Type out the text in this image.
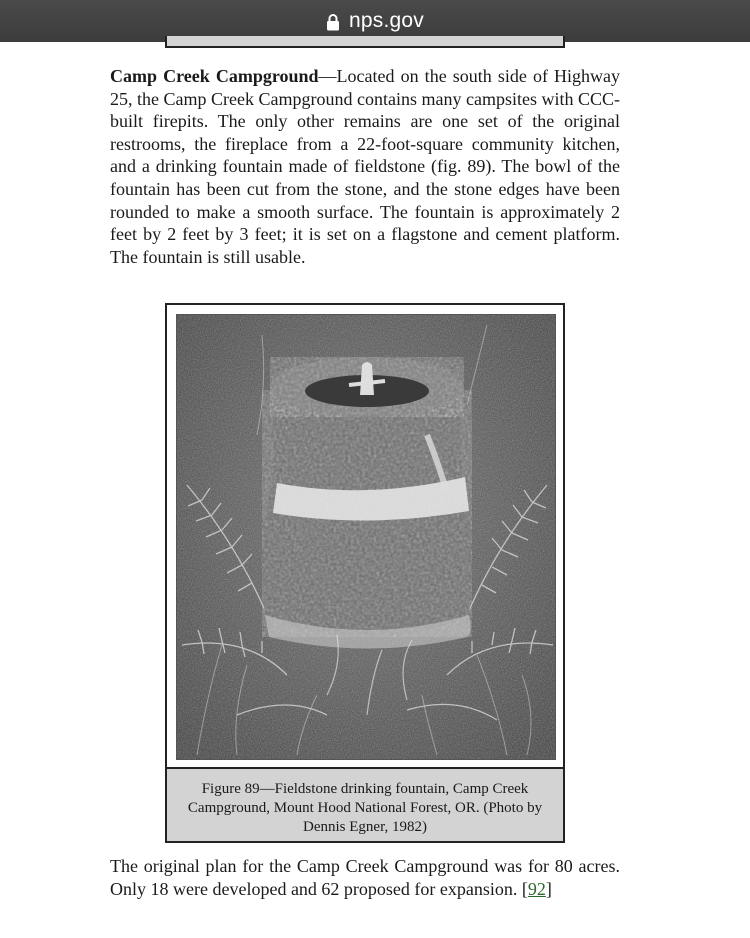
nps.gov

Camp Creek Campground—Located on the south side of Highway 25, the Camp Creek Campground contains many campsites with CCC-built firepits. The only other remains are one set of the original restrooms, the fireplace from a 22-foot-square community kitchen, and a drinking fountain made of fieldstone (fig. 89). The bowl of the fountain has been cut from the stone, and the stone edges have been rounded to make a smooth surface. The fountain is approximately 2 feet by 2 feet by 3 feet; it is set on a flagstone and cement platform. The fountain is still usable.

Figure 89—Fieldstone drinking fountain, Camp Creek Campground, Mount Hood National Forest, OR. (Photo by Dennis Egner, 1982)

The original plan for the Camp Creek Campground was for 80 acres. Only 18 were developed and 62 proposed for expansion. [92]
